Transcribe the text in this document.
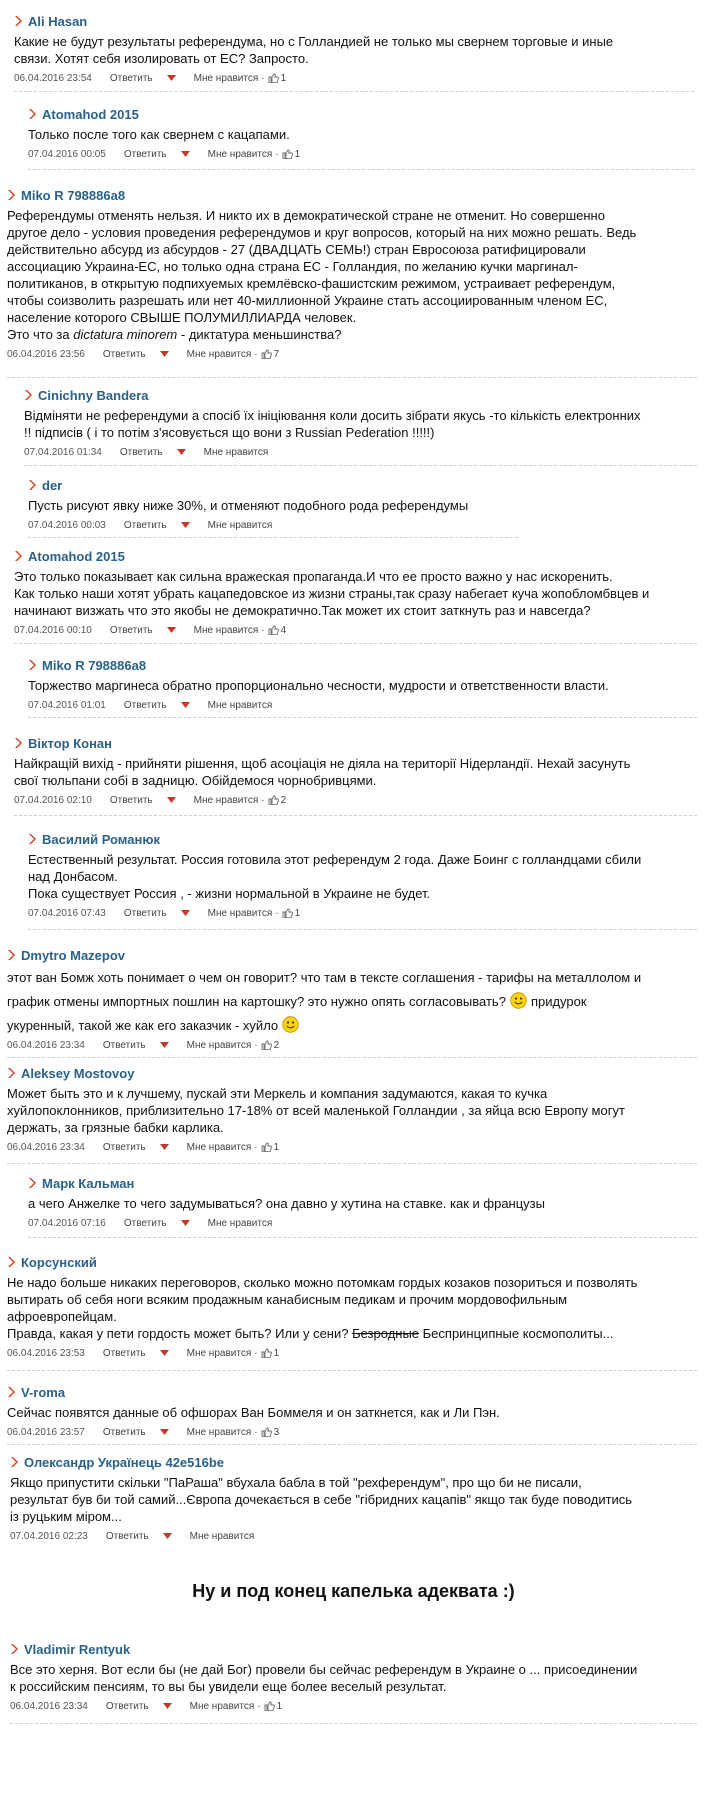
Ali Hasan

Какие не будут результаты референдума, но с Голландией не только мы свернем торговые и иные

связи. Хотят себя изолировать от ЕС? Запросто.

06.04.2016 23:54 Ответить	Мне нравится · 1
Atomahod 2015

Только после того как свернем с кацапами.

07.04.2016 00:05 Ответить	Мне нравится · 1
Miko R 798886a8

Референдумы отменять нельзя. И никто их в демократической стране не отменит. Но совершенно

другое дело - условия проведения референдумов и круг вопросов, который на них можно решать. Ведь

действительно абсурд из абсурдов - 27 (ДВАДЦАТЬ СЕМЬ!) стран Евросоюза ратифицировали

ассоциацию Украина-ЕС, но только одна страна ЕС - Голландия, по желанию кучки маргинал-

политиканов, в открытую подпихуемых кремлёвско-фашистским режимом, устраивает референдум,

чтобы соизволить разрешать или нет 40-миллионной Украине стать ассоциированным членом ЕС,

население которого СВЫШЕ ПОЛУМИЛЛИАРДА человек.

Это что за dictatura minorem - диктатура меньшинства?

06.04.2016 23:56 Ответить	Мне нравится · 7
Cinichny Bandera

Відміняти не референдуми а спосіб їх ініціювання коли досить зібрати якусь -то кількість електронних

!! підписів ( і то потім з'ясовується що вони з Russian Pederation !!!!!)

07.04.2016 01:34 Ответить	Мне нравится
der

Пусть рисуют явку ниже 30%, и отменяют подобного рода референдумы

07.04.2016 00:03 Ответить	Мне нравится
Atomahod 2015

Это только показывает как сильна вражеская пропаганда.И что ее просто важно у нас искоренить.

Как только наши хотят убрать кацапедовское из жизни страны,так сразу набегает куча жопобломбвцев и

начинают визжать что это якобы не демократично.Так может их стоит заткнуть раз и навсегда?

07.04.2016 00:10 Ответить	Мне нравится · 4
Miko R 798886a8

Торжество маргинеса обратно пропорционально чесности, мудрости и ответственности власти.

07.04.2016 01:01 Ответить	Мне нравится
Віктор Конан

Найкращій вихід - прийняти рішення, щоб асоціація не діяла на території Нідерландії. Нехай засунуть

свої тюльпани собі в задницю. Обійдемося чорнобривцями.

07.04.2016 02:10 Ответить	Мне нравится · 2
Василий Романюк

Естественный результат. Россия готовила этот референдум 2 года. Даже Боинг с голландцами сбили

над Донбасом.

Пока существует Россия , - жизни нормальной в Украине не будет.

07.04.2016 07:43 Ответить	Мне нравится · 1
Dmytro Mazepov

этот ван Бомж хоть понимает о чем он говорит? что там в тексте соглашения - тарифы на металлолом и

график отмены импортных пошлин на картошку? это нужно опять согласовывать? придурок

укуренный, такой же как его заказчик - хуйло

06.04.2016 23:34 Ответить	Мне нравится · 2
Aleksey Mostovoy

Может быть это и к лучшему, пускай эти Меркель и компания задумаются, какая то кучка

хуйлопоклонников, приблизительно 17-18% от всей маленькой Голландии , за яйца всю Европу могут

держать, за грязные бабки карлика.

06.04.2016 23:34 Ответить	Мне нравится · 1
Марк Кальман

а чего Анжелке то чего задумываться? она давно у хутина на ставке. как и французы

07.04.2016 07:16 Ответить	Мне нравится
Корсунский

Не надо больше никаких переговоров, сколько можно потомкам гордых козаков позориться и позволять

вытирать об себя ноги всяким продажным канабисным педикам и прочим мордовофильным

афроевропейцам.

Правда, какая у пети гордость может быть? Или у сени? Безродные Беспринципные космополиты...

06.04.2016 23:53 Ответить	Мне нравится · 1
V-roma

Сейчас появятся данные об офшорах Ван Боммеля и он заткнется, как и Ли Пэн.

06.04.2016 23:57 Ответить	Мне нравится · 3
Олександр Українець 42e516be

Якщо припустити скільки "ПаРаша" вбухала бабла в той "рехферендум", про що би не писали,

результат був би той самий...Європа дочекається в себе "гібридних кацапів" якщо так буде поводитись

із руцьким міром...

07.04.2016 02:23 Ответить	Мне нравится
Ну и под конец капелька адеквата :)
Vladimir Rentyuk

Все это херня. Вот если бы (не дай Бог) провели бы сейчас референдум в Украине о ... присоединении

к российским пенсиям, то вы бы увидели еще более веселый результат.

06.04.2016 23:34 Ответить	Мне нравится · 1
